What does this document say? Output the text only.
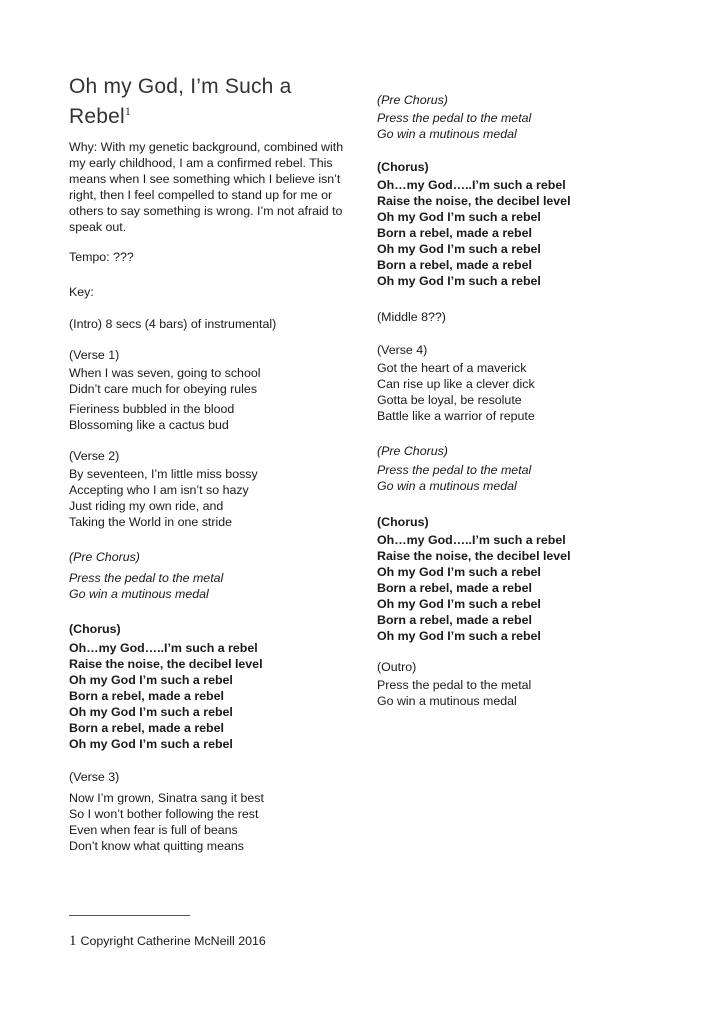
Oh my God, I’m Such a Rebel$^1$

Why: With my genetic background, combined with my early childhood, I am a confirmed rebel. This means when I see something which I believe isn’t right, then I feel compelled to stand up for me or others to say something is wrong. I’m not afraid to speak out.

Tempo: ???
Key:
(Intro) 8 secs (4 bars) of instrumental)
(Verse 1)
When I was seven, going to school
Didn’t care much for obeying rules
Fieriness bubbled in the blood
Blossoming like a cactus bud
(Verse 2)
By seventeen, I’m little miss bossy
Accepting who I am isn’t so hazy
Just riding my own ride, and
Taking the World in one stride
(Pre Chorus)
Press the pedal to the metal
Go win a mutinous medal
(Chorus)
Oh…my God…..I’m such a rebel
Raise the noise, the decibel level
Oh my God I’m such a rebel
Born a rebel, made a rebel
Oh my God I’m such a rebel
Born a rebel, made a rebel
Oh my God I’m such a rebel
(Verse 3)
Now I’m grown, Sinatra sang it best
So I won’t bother following the rest
Even when fear is full of beans
Don’t know what quitting means
(Pre Chorus)
Press the pedal to the metal
Go win a mutinous medal
(Chorus)
Oh…my God…..I’m such a rebel
Raise the noise, the decibel level
Oh my God I’m such a rebel
Born a rebel, made a rebel
Oh my God I’m such a rebel
Born a rebel, made a rebel
Oh my God I’m such a rebel
(Middle 8??)
(Verse 4)
Got the heart of a maverick
Can rise up like a clever dick
Gotta be loyal, be resolute
Battle like a warrior of repute
(Pre Chorus)
Press the pedal to the metal
Go win a mutinous medal
(Chorus)
Oh…my God…..I’m such a rebel
Raise the noise, the decibel level
Oh my God I’m such a rebel
Born a rebel, made a rebel
Oh my God I’m such a rebel
Born a rebel, made a rebel
Oh my God I’m such a rebel
(Outro)
Press the pedal to the metal
Go win a mutinous medal
1 Copyright Catherine McNeill 2016
